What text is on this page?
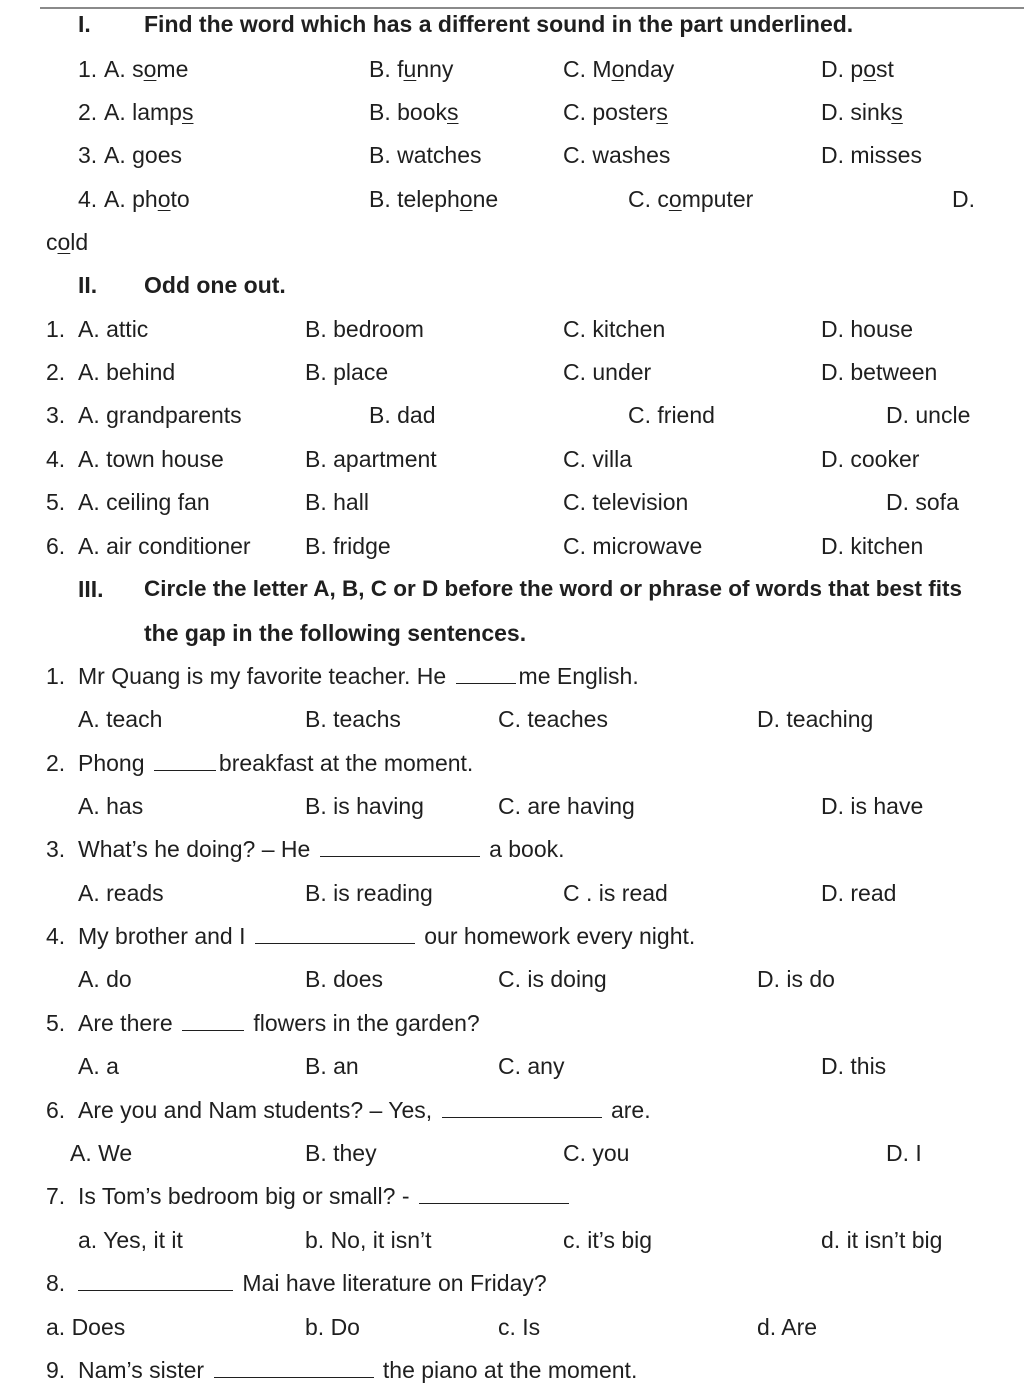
I. Find the word which has a different sound in the part underlined.
1. A. some	B. funny	C. Monday	D. post
2. A. lamps	B. books	C. posters	D. sinks
3. A. goes	B. watches	C. washes	D. misses
4. A. photo	B. telephone	C. computer	D.
cold
II. Odd one out.
1. A. attic	B. bedroom	C. kitchen	D. house
2. A. behind	B. place	C. under	D. between
3. A. grandparents	B. dad	C. friend	D. uncle
4. A. town house	B. apartment	C. villa	D. cooker
5. A. ceiling fan	B. hall	C. television	D. sofa
6. A. air conditioner B. fridge	C. microwave	D. kitchen
III. Circle the letter A, B, C or D before the word or phrase of words that best fits
the gap in the following sentences.
1. Mr Quang is my favorite teacher. He	me English.
A. teach	B. teachs	C. teaches	D. teaching
2. Phong	breakfast at the moment.
A. has	B. is having	C. are having	D. is have
3. What’s he doing? – He	a book.
A. reads	B. is reading	C . is read	D. read
4. My brother and I	our homework every night.
A. do	B. does	C. is doing	D. is do
5. Are there	flowers in the garden?
A. a	B. an	C. any	D. this
6. Are you and Nam students? – Yes,	are.
A. We	B. they	C. you	D. I
7. Is Tom’s bedroom big or small? -
a. Yes, it it	b. No, it isn’t	c. it’s big	d. it isn’t big
8.	Mai have literature on Friday?
a. Does	b. Do	c. Is	d. Are
9. Nam’s sister	the piano at the moment.
